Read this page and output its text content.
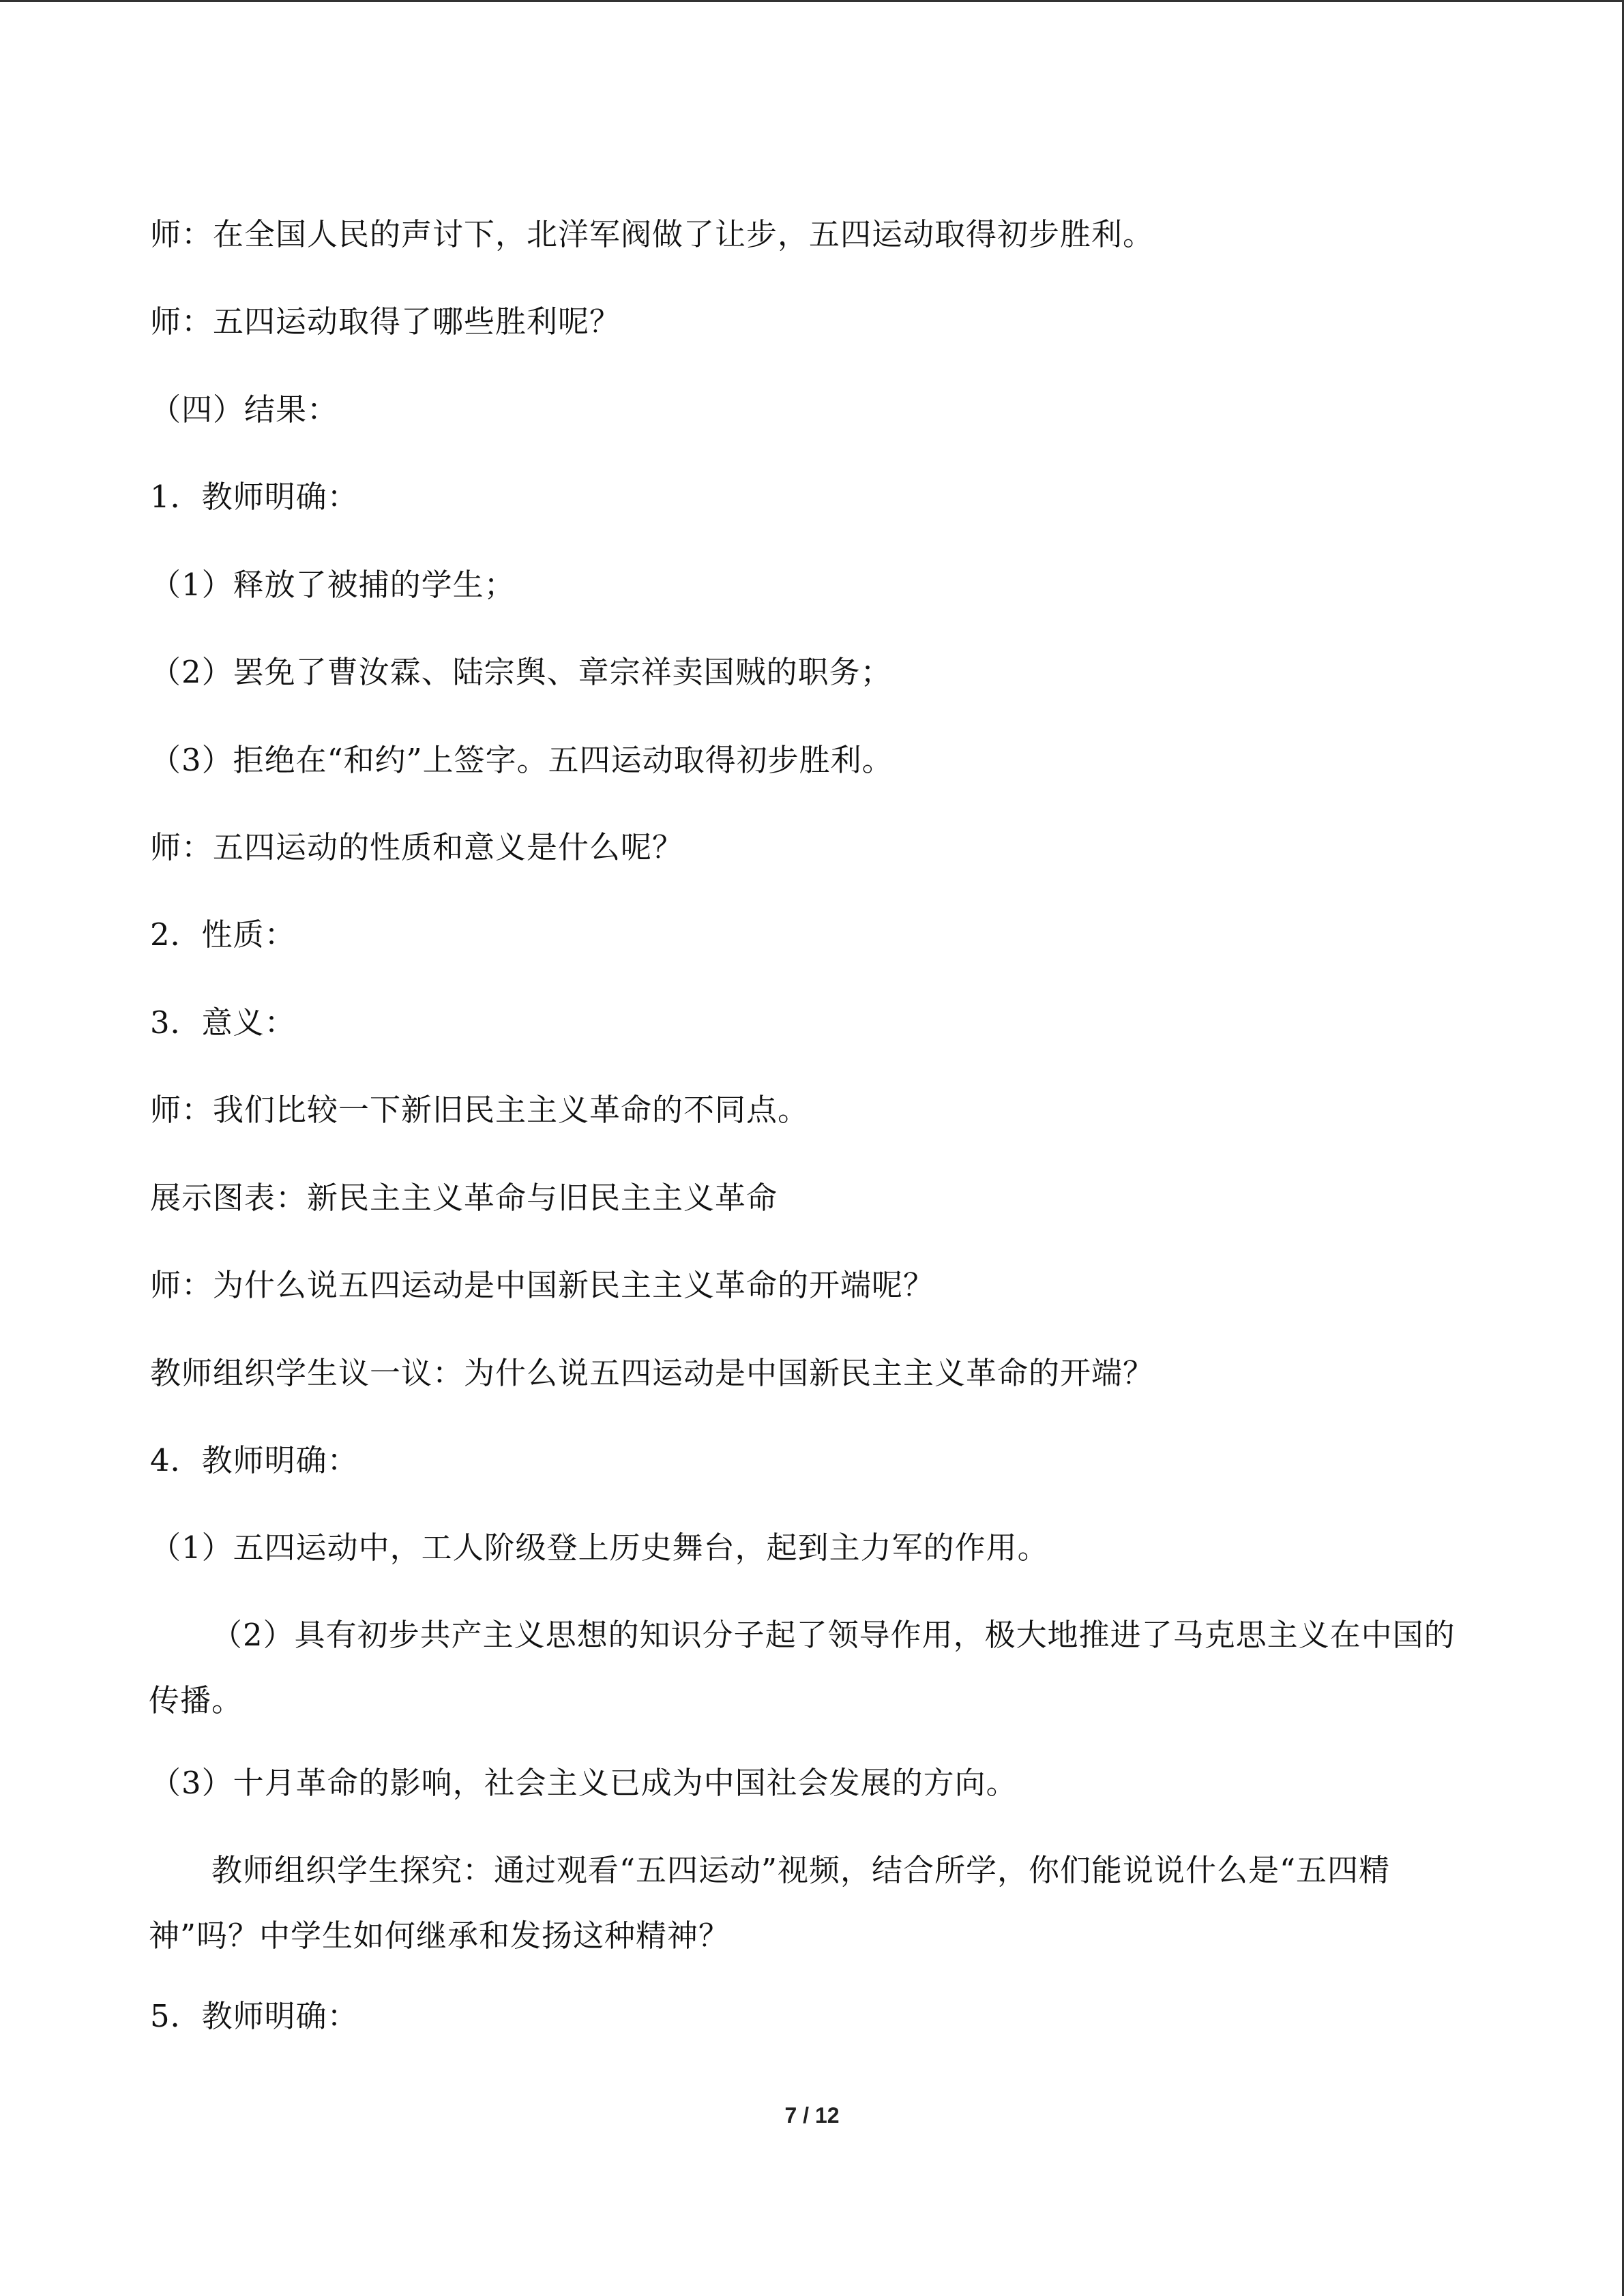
师：在全国人民的声讨下，北洋军阀做了让步，五四运动取得初步胜利。

师：五四运动取得了哪些胜利呢？

（四）结果：

1．教师明确：

（1）释放了被捕的学生；

（2）罢免了曹汝霖、陆宗舆、章宗祥卖国贼的职务；

（3）拒绝在“和约”上签字。五四运动取得初步胜利。

师：五四运动的性质和意义是什么呢？

2．性质：

3．意义：

师：我们比较一下新旧民主主义革命的不同点。

展示图表：新民主主义革命与旧民主主义革命

师：为什么说五四运动是中国新民主主义革命的开端呢？

教师组织学生议一议：为什么说五四运动是中国新民主主义革命的开端？

4．教师明确：

（1）五四运动中，工人阶级登上历史舞台，起到主力军的作用。

（2）具有初步共产主义思想的知识分子起了领导作用，极大地推进了马克思主义在中国的传播。

（3）十月革命的影响，社会主义已成为中国社会发展的方向。

教师组织学生探究：通过观看“五四运动”视频，结合所学，你们能说说什么是“五四精神”吗？中学生如何继承和发扬这种精神？

5．教师明确：

7 / 12
